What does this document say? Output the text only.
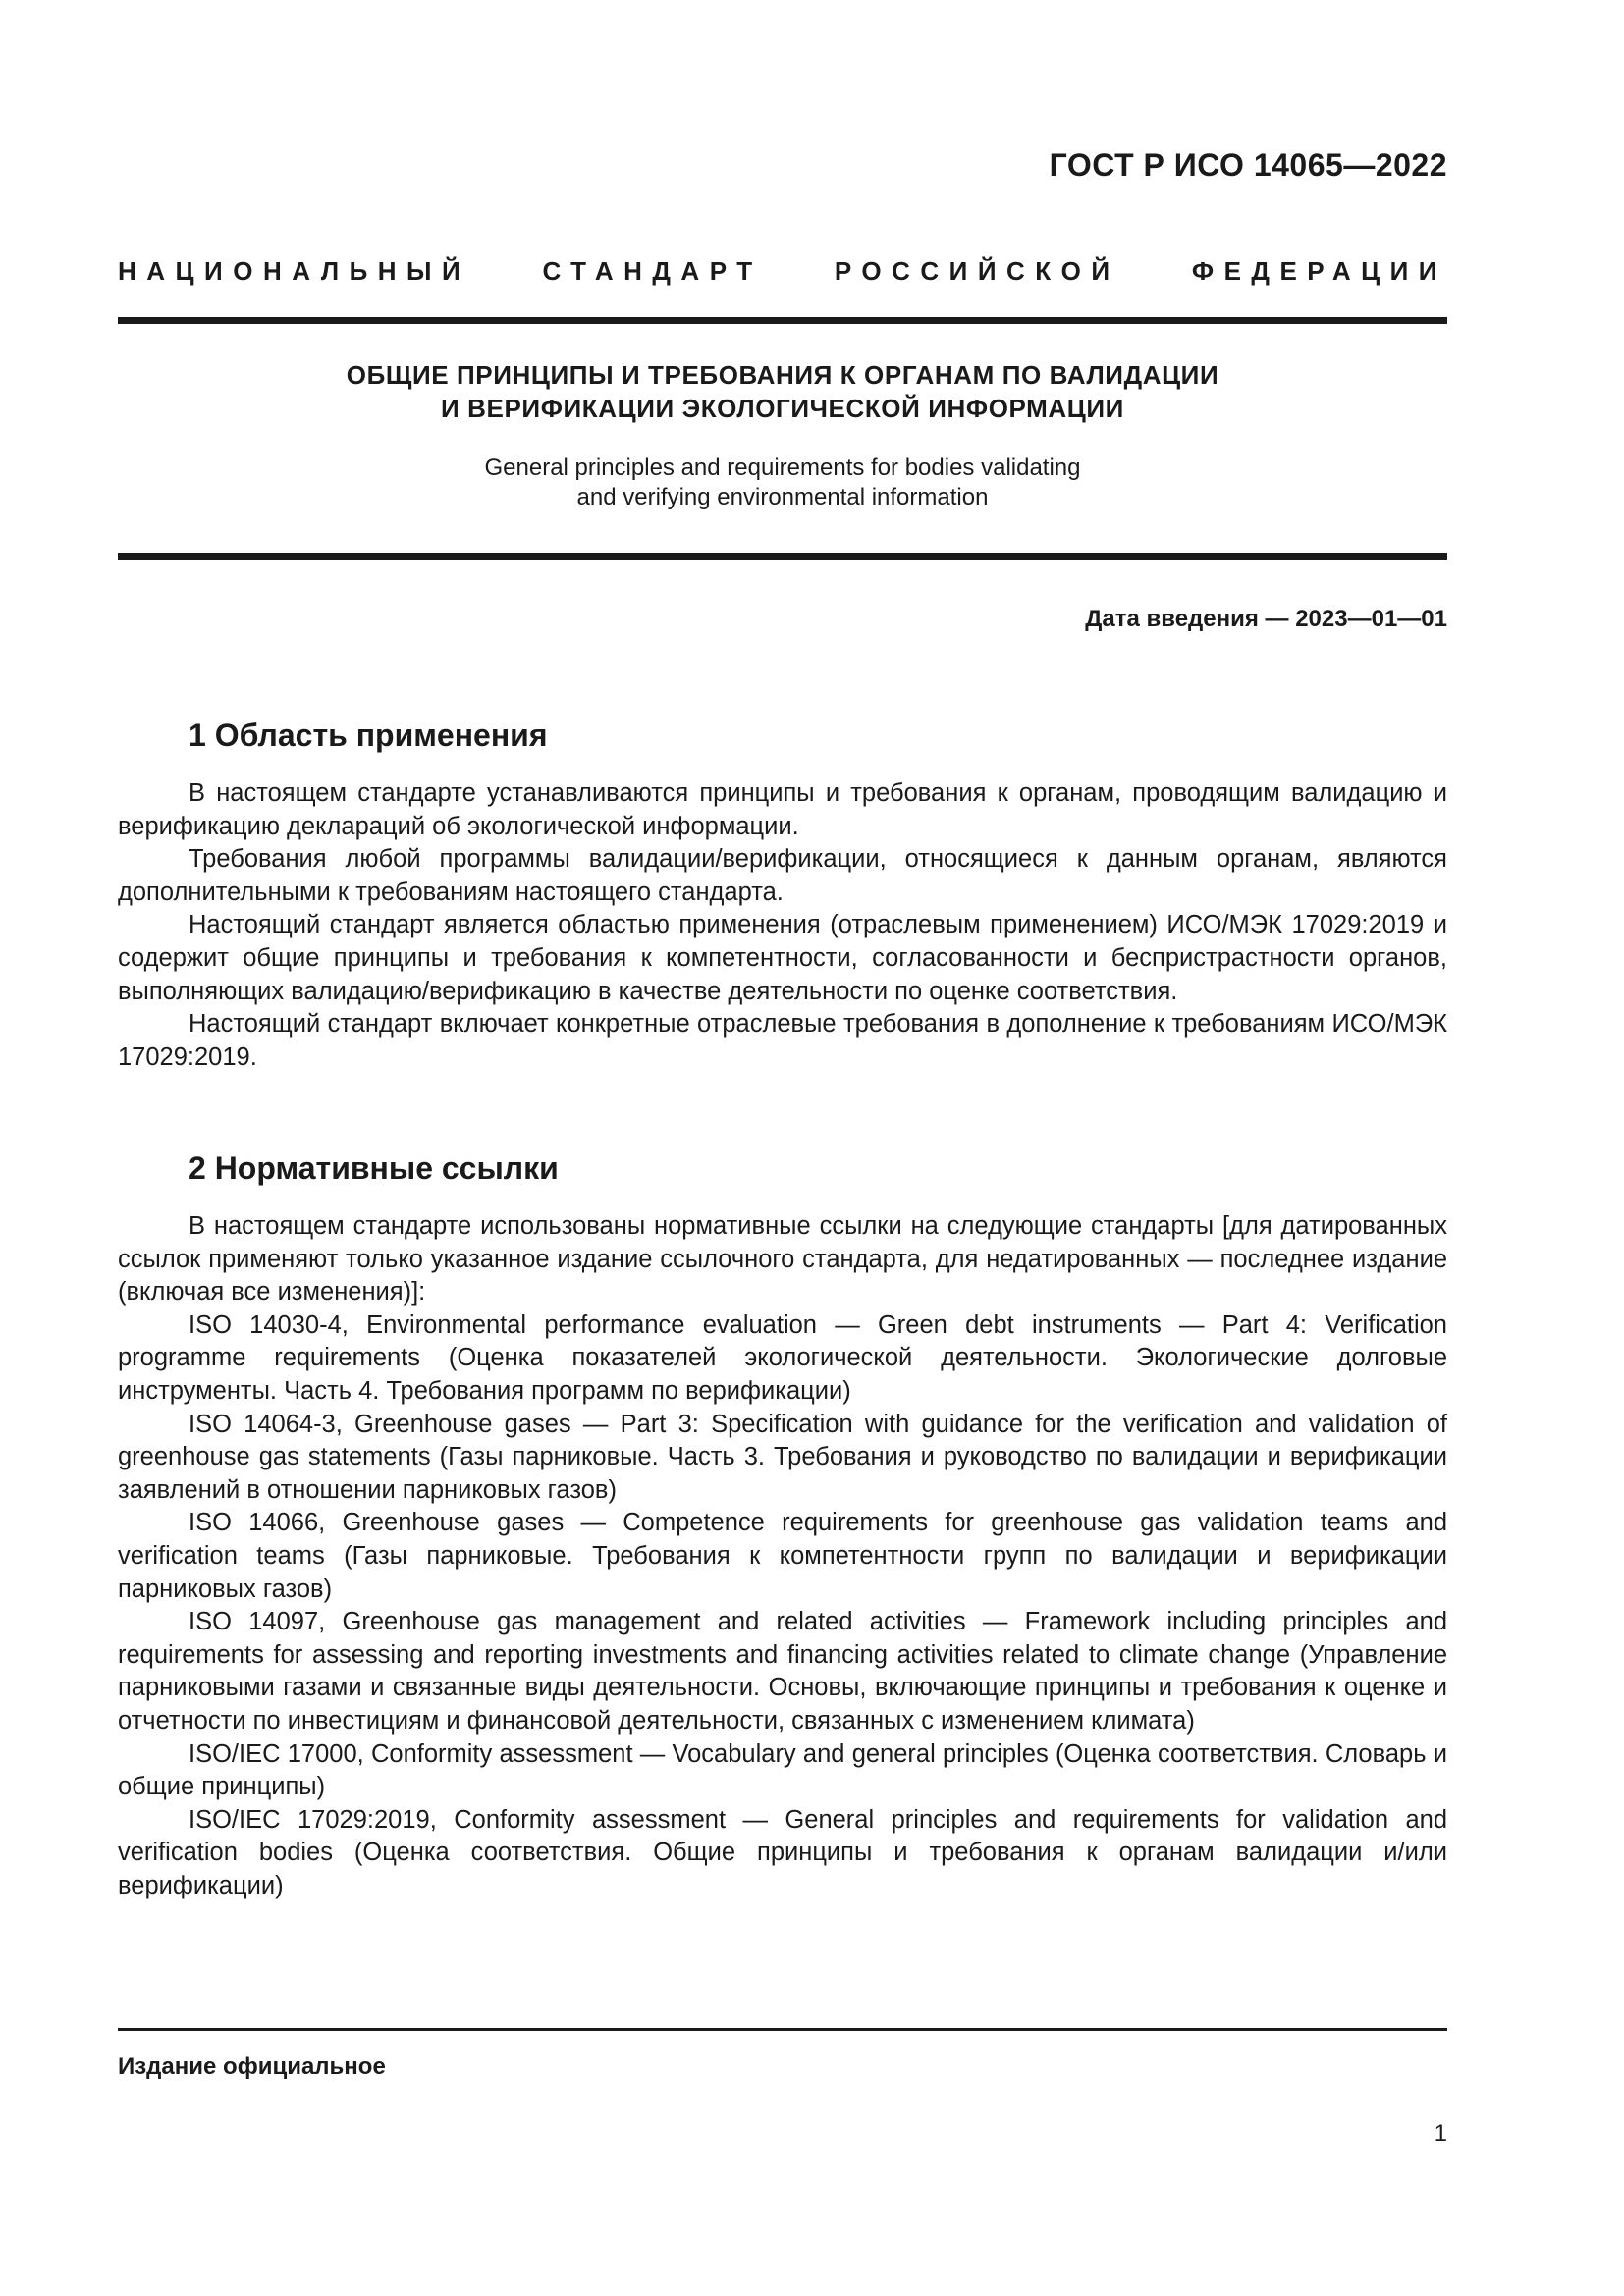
ГОСТ Р ИСО 14065—2022
НАЦИОНАЛЬНЫЙ СТАНДАРТ РОССИЙСКОЙ ФЕДЕРАЦИИ
ОБЩИЕ ПРИНЦИПЫ И ТРЕБОВАНИЯ К ОРГАНАМ ПО ВАЛИДАЦИИ
И ВЕРИФИКАЦИИ ЭКОЛОГИЧЕСКОЙ ИНФОРМАЦИИ
General principles and requirements for bodies validating
and verifying environmental information
Дата введения — 2023—01—01
1 Область применения

В настоящем стандарте устанавливаются принципы и требования к органам, проводящим валидацию и верификацию деклараций об экологической информации.

Требования любой программы валидации/верификации, относящиеся к данным органам, являются дополнительными к требованиям настоящего стандарта.

Настоящий стандарт является областью применения (отраслевым применением) ИСО/МЭК 17029:2019 и содержит общие принципы и требования к компетентности, согласованности и беспристрастности органов, выполняющих валидацию/верификацию в качестве деятельности по оценке соответствия.

Настоящий стандарт включает конкретные отраслевые требования в дополнение к требованиям ИСО/МЭК 17029:2019.

2 Нормативные ссылки

В настоящем стандарте использованы нормативные ссылки на следующие стандарты [для датированных ссылок применяют только указанное издание ссылочного стандарта, для недатированных — последнее издание (включая все изменения)]:

ISO 14030-4, Environmental performance evaluation — Green debt instruments — Part 4: Verification programme requirements (Оценка показателей экологической деятельности. Экологические долговые инструменты. Часть 4. Требования программ по верификации)

ISO 14064-3, Greenhouse gases — Part 3: Specification with guidance for the verification and validation of greenhouse gas statements (Газы парниковые. Часть 3. Требования и руководство по валидации и верификации заявлений в отношении парниковых газов)

ISO 14066, Greenhouse gases — Competence requirements for greenhouse gas validation teams and verification teams (Газы парниковые. Требования к компетентности групп по валидации и верификации парниковых газов)

ISO 14097, Greenhouse gas management and related activities — Framework including principles and requirements for assessing and reporting investments and financing activities related to climate change (Управление парниковыми газами и связанные виды деятельности. Основы, включающие принципы и требования к оценке и отчетности по инвестициям и финансовой деятельности, связанных с изменением климата)

ISO/IEC 17000, Conformity assessment — Vocabulary and general principles (Оценка соответствия. Словарь и общие принципы)

ISO/IEC 17029:2019, Conformity assessment — General principles and requirements for validation and verification bodies (Оценка соответствия. Общие принципы и требования к органам валидации и/или верификации)

Издание официальное
1
